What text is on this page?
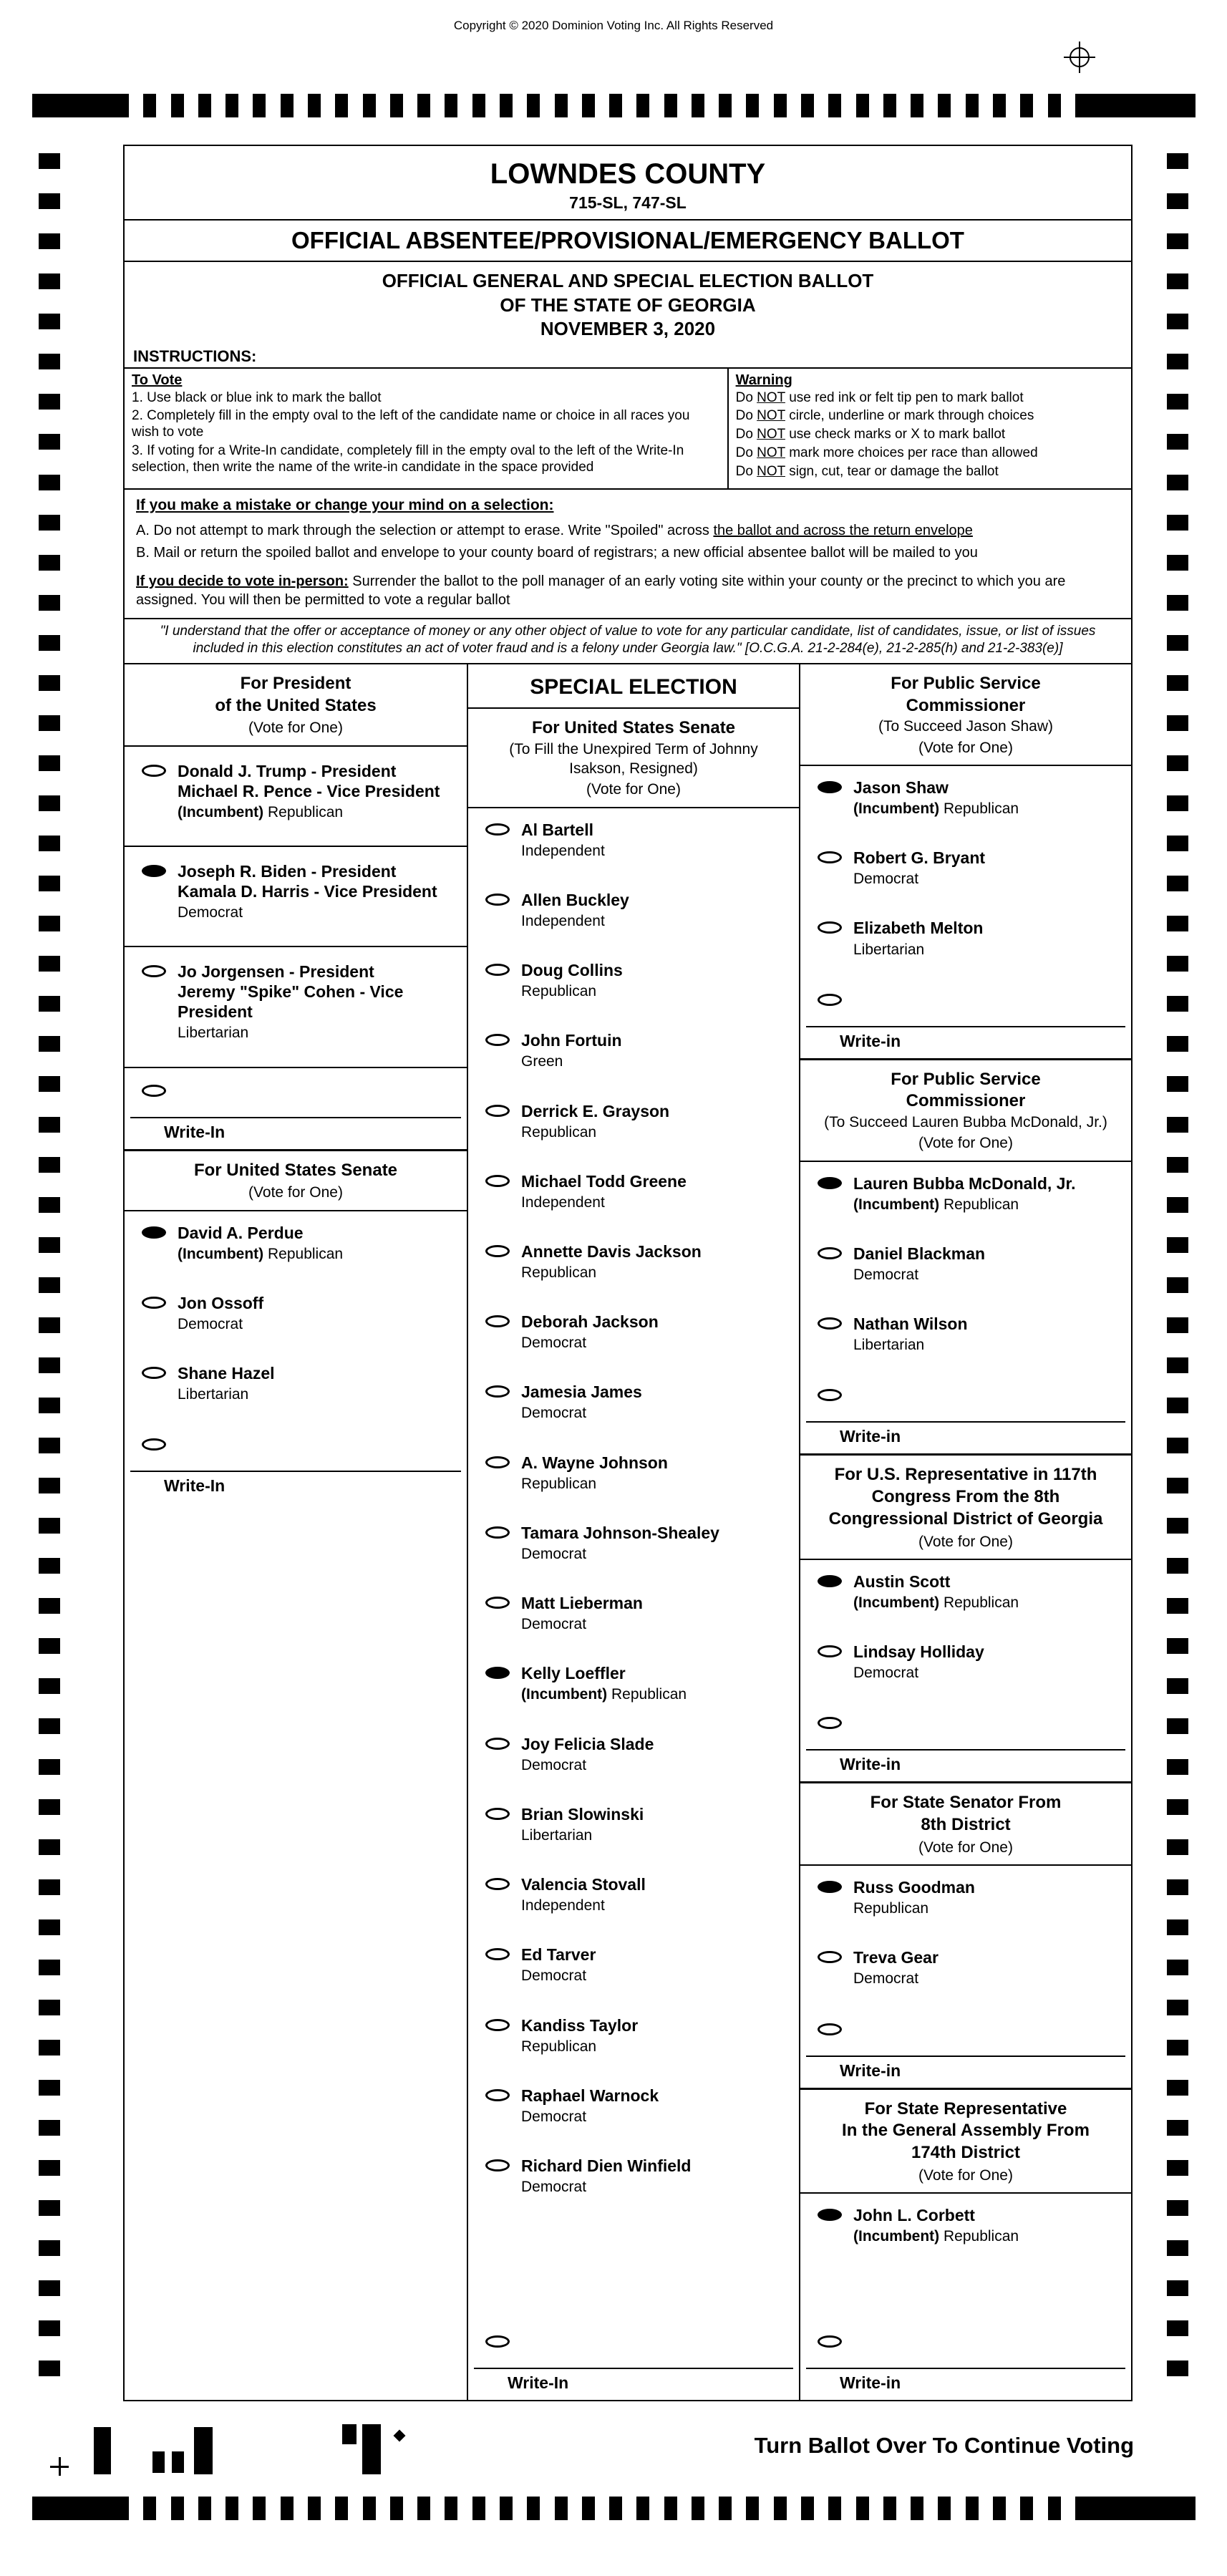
Copyright © 2020 Dominion Voting Inc. All Rights Reserved
LOWNDES COUNTY
715-SL, 747-SL
OFFICIAL ABSENTEE/PROVISIONAL/EMERGENCY BALLOT
OFFICIAL GENERAL AND SPECIAL ELECTION BALLOT
OF THE STATE OF GEORGIA
NOVEMBER 3, 2020
INSTRUCTIONS:
To Vote
1. Use black or blue ink to mark the ballot
2. Completely fill in the empty oval to the left of the candidate name or choice in all races you wish to vote
3. If voting for a Write-In candidate, completely fill in the empty oval to the left of the Write-In selection, then write the name of the write-in candidate in the space provided
Warning
Do NOT use red ink or felt tip pen to mark ballot
Do NOT circle, underline or mark through choices
Do NOT use check marks or X to mark ballot
Do NOT mark more choices per race than allowed
Do NOT sign, cut, tear or damage the ballot
If you make a mistake or change your mind on a selection:
A. Do not attempt to mark through the selection or attempt to erase. Write "Spoiled" across the ballot and across the return envelope
B. Mail or return the spoiled ballot and envelope to your county board of registrars; a new official absentee ballot will be mailed to you
If you decide to vote in-person: Surrender the ballot to the poll manager of an early voting site within your county or the precinct to which you are assigned. You will then be permitted to vote a regular ballot
"I understand that the offer or acceptance of money or any other object of value to vote for any particular candidate, list of candidates, issue, or list of issues included in this election constitutes an act of voter fraud and is a felony under Georgia law." [O.C.G.A. 21-2-284(e), 21-2-285(h) and 21-2-383(e)]
For President
of the United States
(Vote for One)
Donald J. Trump - President
Michael R. Pence - Vice President
(Incumbent) Republican
Joseph R. Biden - President
Kamala D. Harris - Vice President
Democrat
Jo Jorgensen - President
Jeremy "Spike" Cohen - Vice President
Libertarian
Write-In
For United States Senate
(Vote for One)
David A. Perdue
(Incumbent) Republican
Jon Ossoff
Democrat
Shane Hazel
Libertarian
Write-In
SPECIAL ELECTION
For United States Senate
(To Fill the Unexpired Term of Johnny
Isakson, Resigned)
(Vote for One)
Al Bartell
Independent
Allen Buckley
Independent
Doug Collins
Republican
John Fortuin
Green
Derrick E. Grayson
Republican
Michael Todd Greene
Independent
Annette Davis Jackson
Republican
Deborah Jackson
Democrat
Jamesia James
Democrat
A. Wayne Johnson
Republican
Tamara Johnson-Shealey
Democrat
Matt Lieberman
Democrat
Kelly Loeffler
(Incumbent) Republican
Joy Felicia Slade
Democrat
Brian Slowinski
Libertarian
Valencia Stovall
Independent
Ed Tarver
Democrat
Kandiss Taylor
Republican
Raphael Warnock
Democrat
Richard Dien Winfield
Democrat
Write-In
For Public Service
Commissioner
(To Succeed Jason Shaw)
(Vote for One)
Jason Shaw
(Incumbent) Republican
Robert G. Bryant
Democrat
Elizabeth Melton
Libertarian
Write-in
For Public Service
Commissioner
(To Succeed Lauren Bubba McDonald, Jr.)
(Vote for One)
Lauren Bubba McDonald, Jr.
(Incumbent) Republican
Daniel Blackman
Democrat
Nathan Wilson
Libertarian
Write-in
For U.S. Representative in 117th
Congress From the 8th
Congressional District of Georgia
(Vote for One)
Austin Scott
(Incumbent) Republican
Lindsay Holliday
Democrat
Write-in
For State Senator From
8th District
(Vote for One)
Russ Goodman
Republican
Treva Gear
Democrat
Write-in
For State Representative
In the General Assembly From
174th District
(Vote for One)
John L. Corbett
(Incumbent) Republican
Write-in
Turn Ballot Over To Continue Voting
